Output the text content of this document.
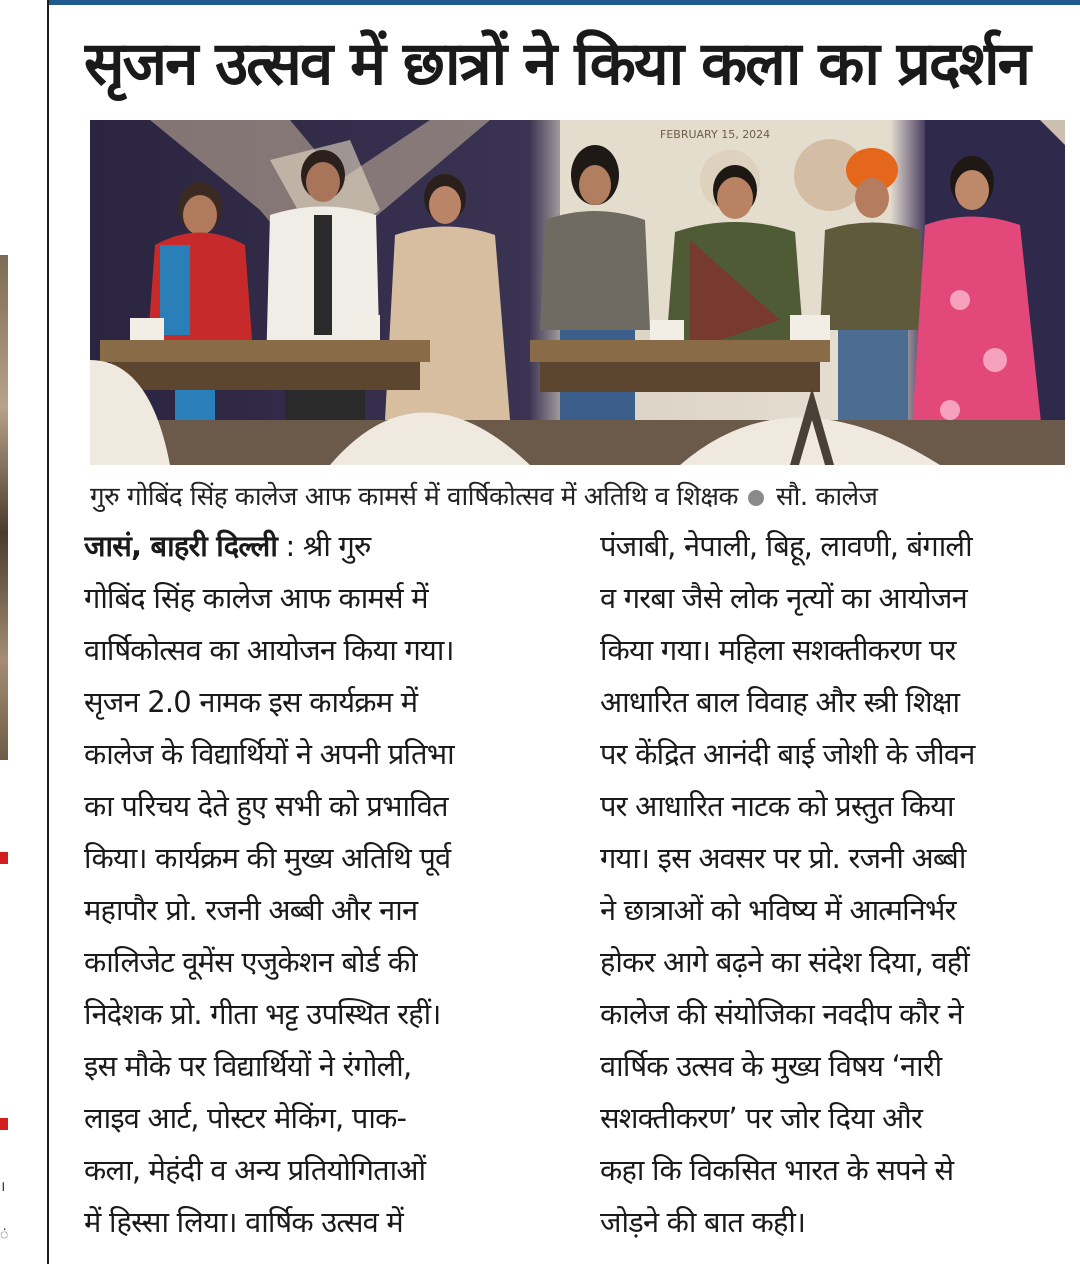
।
ं
सृजन उत्सव में छात्रों ने किया कला का प्रदर्शन
FEBRUARY 15, 2024
गुरु गोबिंद सिंह कालेज आफ कामर्स में वार्षिकोत्सव में अतिथि व शिक्षक सौ. कालेज
जासं, बाहरी दिल्ली : श्री गुरु
गोबिंद सिंह कालेज आफ कामर्स में
वार्षिकोत्सव का आयोजन किया गया।
सृजन 2.0 नामक इस कार्यक्रम में
कालेज के विद्यार्थियों ने अपनी प्रतिभा
का परिचय देते हुए सभी को प्रभावित
किया। कार्यक्रम की मुख्य अतिथि पूर्व
महापौर प्रो. रजनी अब्बी और नान
कालिजेट वूमेंस एजुकेशन बोर्ड की
निदेशक प्रो. गीता भट्ट उपस्थित रहीं।
इस मौके पर विद्यार्थियों ने रंगोली,
लाइव आर्ट, पोस्टर मेकिंग, पाक-
कला, मेहंदी व अन्य प्रतियोगिताओं
में हिस्सा लिया। वार्षिक उत्सव में
पंजाबी, नेपाली, बिहू, लावणी, बंगाली
व गरबा जैसे लोक नृत्यों का आयोजन
किया गया। महिला सशक्तीकरण पर
आधारित बाल विवाह और स्त्री शिक्षा
पर केंद्रित आनंदी बाई जोशी के जीवन
पर आधारित नाटक को प्रस्तुत किया
गया। इस अवसर पर प्रो. रजनी अब्बी
ने छात्राओं को भविष्य में आत्मनिर्भर
होकर आगे बढ़ने का संदेश दिया, वहीं
कालेज की संयोजिका नवदीप कौर ने
वार्षिक उत्सव के मुख्य विषय ‘नारी
सशक्तीकरण’ पर जोर दिया और
कहा कि विकसित भारत के सपने से
जोड़ने की बात कही।
